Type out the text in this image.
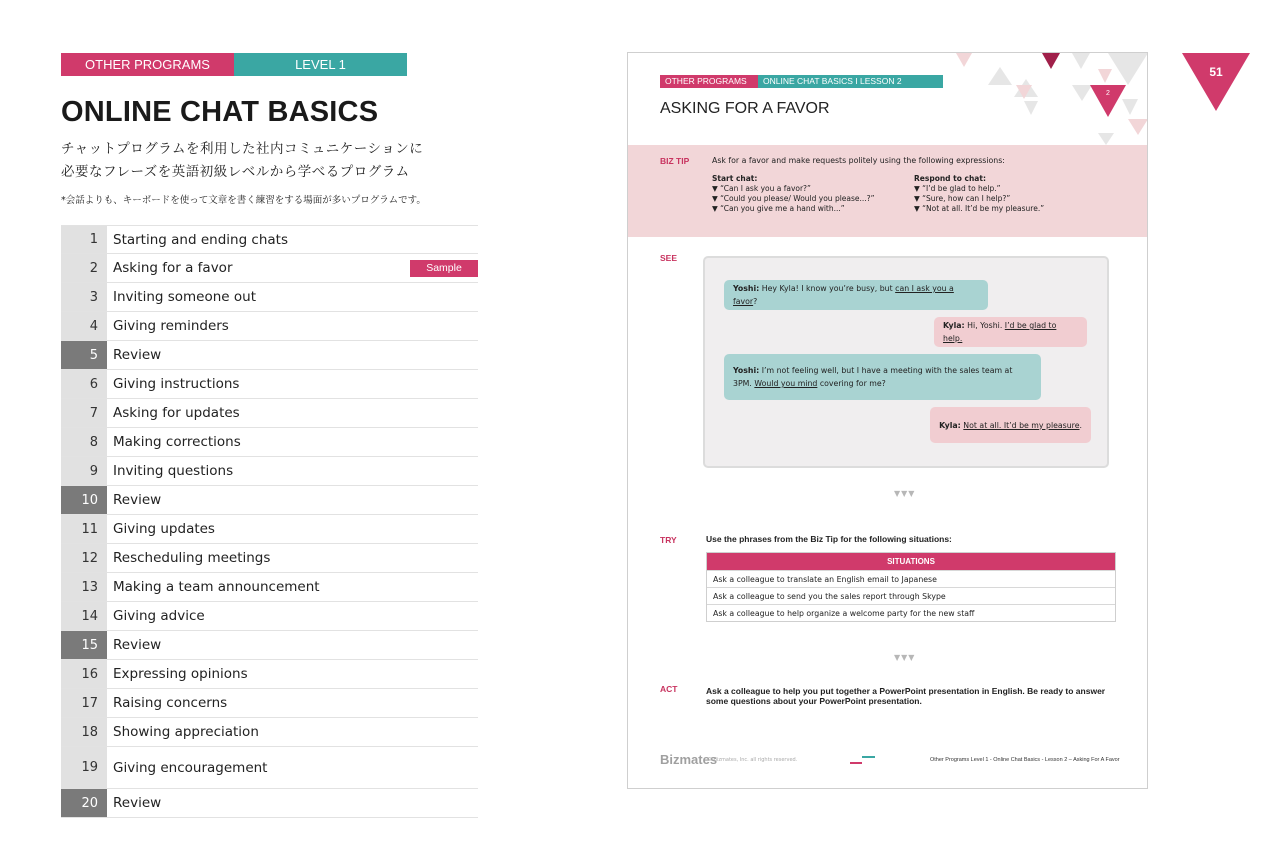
OTHER PROGRAMS	LEVEL 1
ONLINE CHAT BASICS
チャットプログラムを利用した社内コミュニケーションに
必要なフレーズを英語初級レベルから学べるプログラム
*会話よりも、キーボードを使って文章を書く練習をする場面が多いプログラムです。
1	Starting and ending chats
2	Asking for a favor	Sample
3	Inviting someone out
4	Giving reminders
5	Review
6	Giving instructions
7	Asking for updates
8	Making corrections
9	Inviting questions
10	Review
11	Giving updates
12	Rescheduling meetings
13	Making a team announcement
14	Giving advice
15	Review
16	Expressing opinions
17	Raising concerns
18	Showing appreciation
19	Giving encouragement
20	Review
51
2
OTHER PROGRAMS	ONLINE CHAT BASICS I LESSON 2
ASKING FOR A FAVOR
BIZ TIP	Ask for a favor and make requests politely using the following expressions:
Start chat:
▼ “Can I ask you a favor?”
▼ “Could you please/ Would you please...?”
▼ “Can you give me a hand with...”
Respond to chat:
▼ “I’d be glad to help.”
▼ “Sure, how can I help?”
▼ “Not at all. It’d be my pleasure.”
SEE
Yoshi: Hey Kyla! I know you’re busy, but can I ask you a favor?
Kyla: Hi, Yoshi. I’d be glad to help.
Yoshi: I’m not feeling well, but I have a meeting with the sales team at 3PM. Would you mind covering for me?
Kyla: Not at all. It’d be my pleasure.
▼▼▼
TRY	Use the phrases from the Biz Tip for the following situations:
SITUATIONS
Ask a colleague to translate an English email to Japanese
Ask a colleague to send you the sales report through Skype
Ask a colleague to help organize a welcome party for the new staff
▼▼▼
ACT	Ask a colleague to help you put together a PowerPoint presentation in English. Be ready to answer some questions about your PowerPoint presentation.
Bizmates
© Bizmates, Inc. all rights reserved.	Other Programs Level 1 - Online Chat Basics - Lesson 2 – Asking For A Favor
